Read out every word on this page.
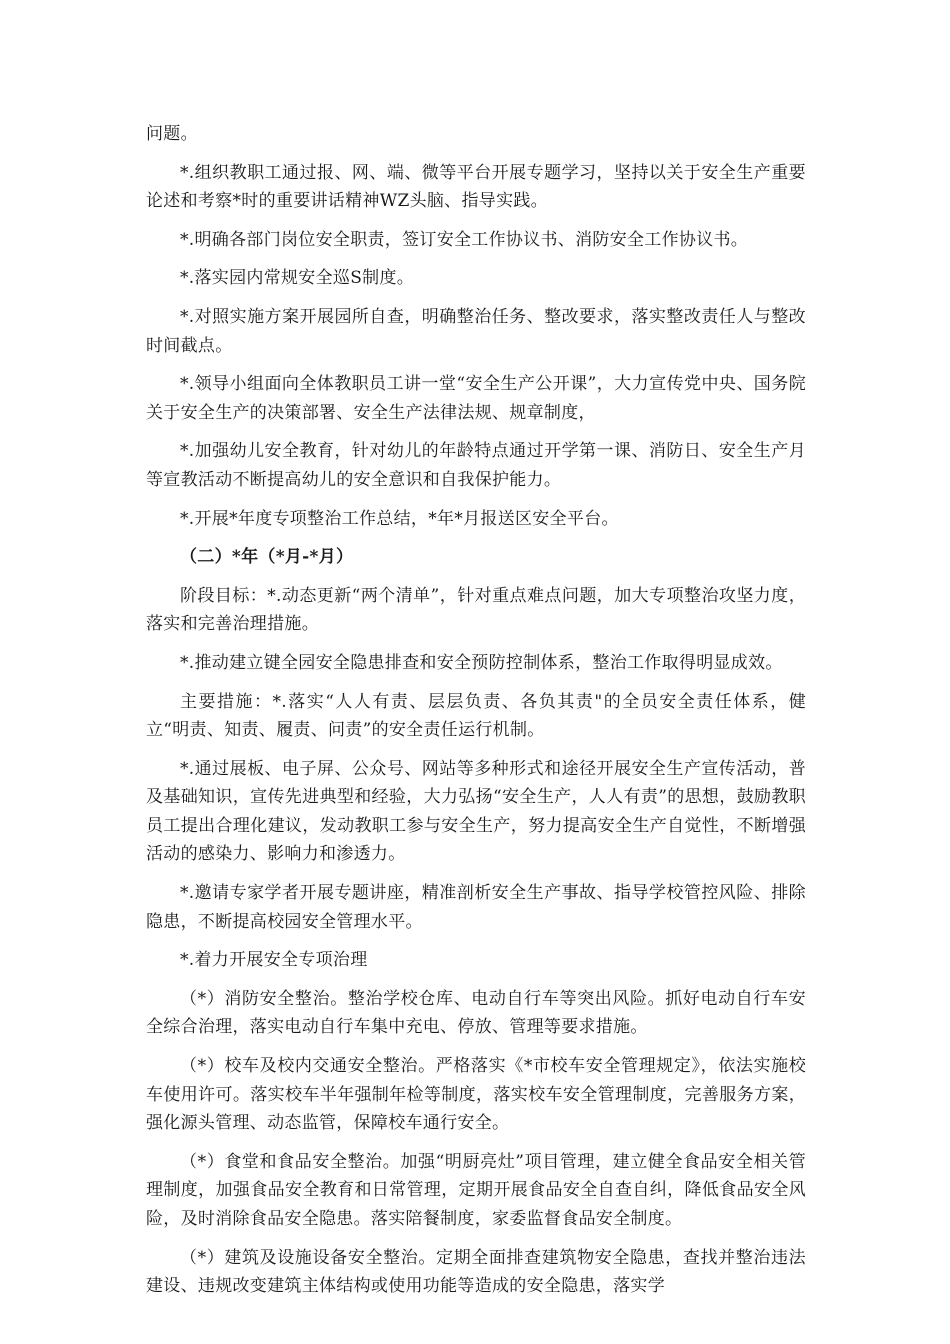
问题。

*.组织教职工通过报、网、端、微等平台开展专题学习，坚持以关于安全生产重要论述和考察*时的重要讲话精神WZ头脑、指导实践。

*.明确各部门岗位安全职责，签订安全工作协议书、消防安全工作协议书。

*.落实园内常规安全巡S制度。

*.对照实施方案开展园所自查，明确整治任务、整改要求，落实整改责任人与整改时间截点。

*.领导小组面向全体教职员工讲一堂“安全生产公开课”，大力宣传党中央、国务院关于安全生产的决策部署、安全生产法律法规、规章制度，

*.加强幼儿安全教育，针对幼儿的年龄特点通过开学第一课、消防日、安全生产月等宣教活动不断提高幼儿的安全意识和自我保护能力。

*.开展*年度专项整治工作总结，*年*月报送区安全平台。

（二）*年（*月-*月）

阶段目标：*.动态更新“两个清单”，针对重点难点问题，加大专项整治攻坚力度，落实和完善治理措施。

*.推动建立键全园安全隐患排查和安全预防控制体系，整治工作取得明显成效。

主要措施：*.落实“人人有责、层层负责、各负其责"的全员安全责任体系，健立“明责、知责、履责、问责”的安全责任运行机制。

*.通过展板、电子屏、公众号、网站等多种形式和途径开展安全生产宣传活动，普及基础知识，宣传先进典型和经验，大力弘扬“安全生产，人人有责”的思想，鼓励教职员工提出合理化建议，发动教职工参与安全生产，努力提高安全生产自觉性，不断增强活动的感染力、影响力和渗透力。

*.邀请专家学者开展专题讲座，精准剖析安全生产事故、指导学校管控风险、排除隐患，不断提高校园安全管理水平。

*.着力开展安全专项治理

（*）消防安全整治。整治学校仓库、电动自行车等突出风险。抓好电动自行车安全综合治理，落实电动自行车集中充电、停放、管理等要求措施。

（*）校车及校内交通安全整治。严格落实《*市校车安全管理规定》，依法实施校车使用许可。落实校车半年强制年检等制度，落实校车安全管理制度，完善服务方案，强化源头管理、动态监管，保障校车通行安全。

（*）食堂和食品安全整治。加强“明厨亮灶”项目管理，建立健全食品安全相关管理制度，加强食品安全教育和日常管理，定期开展食品安全自查自纠，降低食品安全风险，及时消除食品安全隐患。落实陪餐制度，家委监督食品安全制度。

（*）建筑及设施设备安全整治。定期全面排查建筑物安全隐患，查找并整治违法建设、违规改变建筑主体结构或使用功能等造成的安全隐患，落实学
